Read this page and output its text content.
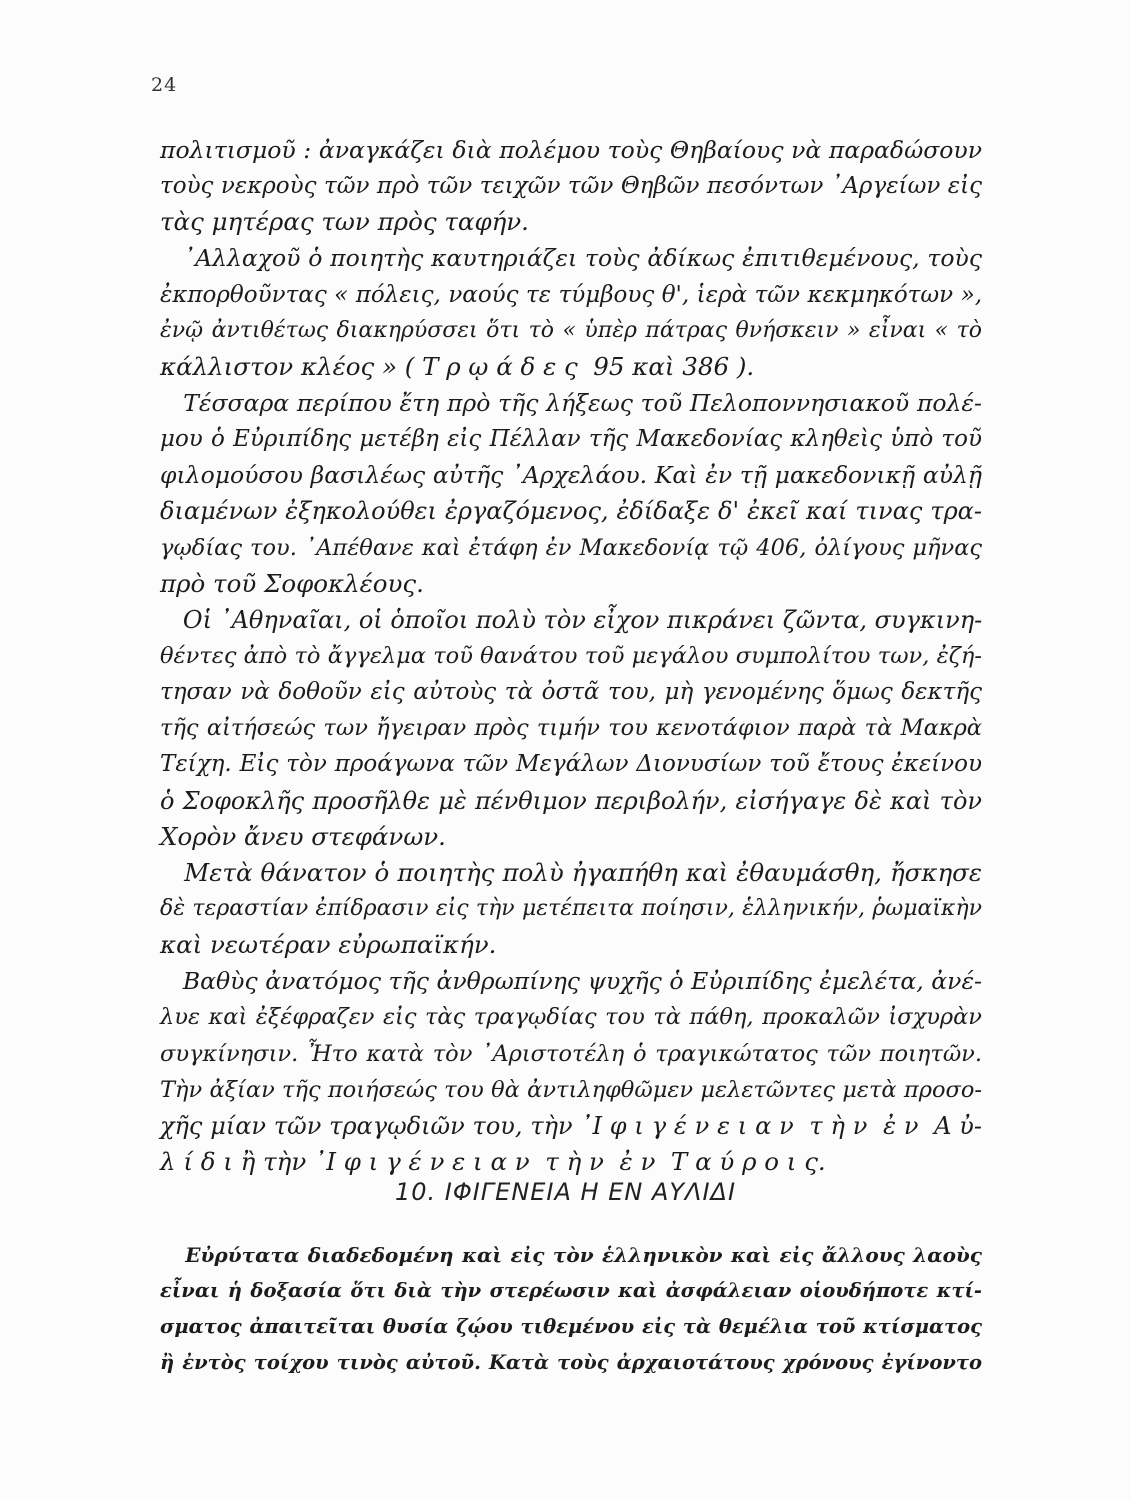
24
πολιτισμοῦ : ἀναγκάζει διὰ πολέμου τοὺς Θηβαίους νὰ παραδώσουν
τοὺς νεκροὺς τῶν πρὸ τῶν τειχῶν τῶν Θηβῶν πεσόντων ᾿Αργείων εἰς
τὰς μητέρας των πρὸς ταφήν.
᾿Αλλαχοῦ ὁ ποιητὴς καυτηριάζει τοὺς ἀδίκως ἐπιτιθεμένους, τοὺς
ἐκπορθοῦντας « πόλεις, ναούς τε τύμβους θ', ἱερὰ τῶν κεκμηκότων »,
ἐνῷ ἀντιθέτως διακηρύσσει ὅτι τὸ « ὑπὲρ πάτρας θνήσκειν » εἶναι « τὸ
κάλλιστον κλέος » ( Τ ρ ῳ ά δ ε ς  95 καὶ 386 ).
Τέσσαρα περίπου ἔτη πρὸ τῆς λήξεως τοῦ Πελοποννησιακοῦ πολέ-
μου ὁ Εὐριπίδης μετέβη εἰς Πέλλαν τῆς Μακεδονίας κληθεὶς ὑπὸ τοῦ
φιλομούσου βασιλέως αὐτῆς ᾿Αρχελάου. Καὶ ἐν τῇ μακεδονικῇ αὐλῇ
διαμένων ἐξηκολούθει ἐργαζόμενος, ἐδίδαξε δ' ἐκεῖ καί τινας τρα-
γῳδίας του. ᾿Απέθανε καὶ ἐτάφη ἐν Μακεδονίᾳ τῷ 406, ὀλίγους μῆνας
πρὸ τοῦ Σοφοκλέους.
Οἱ ᾿Αθηναῖαι, οἱ ὁποῖοι πολὺ τὸν εἶχον πικράνει ζῶντα, συγκινη-
θέντες ἀπὸ τὸ ἄγγελμα τοῦ θανάτου τοῦ μεγάλου συμπολίτου των, ἐζή-
τησαν νὰ δοθοῦν εἰς αὐτοὺς τὰ ὀστᾶ του, μὴ γενομένης ὅμως δεκτῆς
τῆς αἰτήσεώς των ἤγειραν πρὸς τιμήν του κενοτάφιον παρὰ τὰ Μακρὰ
Τείχη. Εἰς τὸν προάγωνα τῶν Μεγάλων Διονυσίων τοῦ ἔτους ἐκείνου
ὁ Σοφοκλῆς προσῆλθε μὲ πένθιμον περιβολήν, εἰσήγαγε δὲ καὶ τὸν
Χορὸν ἄνευ στεφάνων.
Μετὰ θάνατον ὁ ποιητὴς πολὺ ἠγαπήθη καὶ ἐθαυμάσθη, ἤσκησε
δὲ τεραστίαν ἐπίδρασιν εἰς τὴν μετέπειτα ποίησιν, ἑλληνικήν, ῥωμαϊκὴν
καὶ νεωτέραν εὐρωπαϊκήν.
Βαθὺς ἀνατόμος τῆς ἀνθρωπίνης ψυχῆς ὁ Εὐριπίδης ἐμελέτα, ἀνέ-
λυε καὶ ἐξέφραζεν εἰς τὰς τραγῳδίας του τὰ πάθη, προκαλῶν ἰσχυρὰν
συγκίνησιν. Ἦτο κατὰ τὸν ᾿Αριστοτέλη ὁ τραγικώτατος τῶν ποιητῶν.
Τὴν ἀξίαν τῆς ποιήσεώς του θὰ ἀντιληφθῶμεν μελετῶντες μετὰ προσο-
χῆς μίαν τῶν τραγῳδιῶν του, τὴν ᾿Ι φ ι γ έ ν ε ι α ν  τ ὴ ν  ἐ ν  Α ὐ-
λ ί δ ι ἢ τὴν ᾿Ι φ ι γ έ ν ε ι α ν  τ ὴ ν  ἐ ν  Τ α ύ ρ ο ι ς.
10. ΙΦΙΓΕΝΕΙΑ Η ΕΝ ΑΥΛΙΔΙ
Εὐρύτατα διαδεδομένη καὶ εἰς τὸν ἑλληνικὸν καὶ εἰς ἄλλους λαοὺς
εἶναι ἡ δοξασία ὅτι διὰ τὴν στερέωσιν καὶ ἀσφάλειαν οἱουδήποτε κτί-
σματος ἀπαιτεῖται θυσία ζῴου τιθεμένου εἰς τὰ θεμέλια τοῦ κτίσματος
ἢ ἐντὸς τοίχου τινὸς αὐτοῦ. Κατὰ τοὺς ἀρχαιοτάτους χρόνους ἐγίνοντο
